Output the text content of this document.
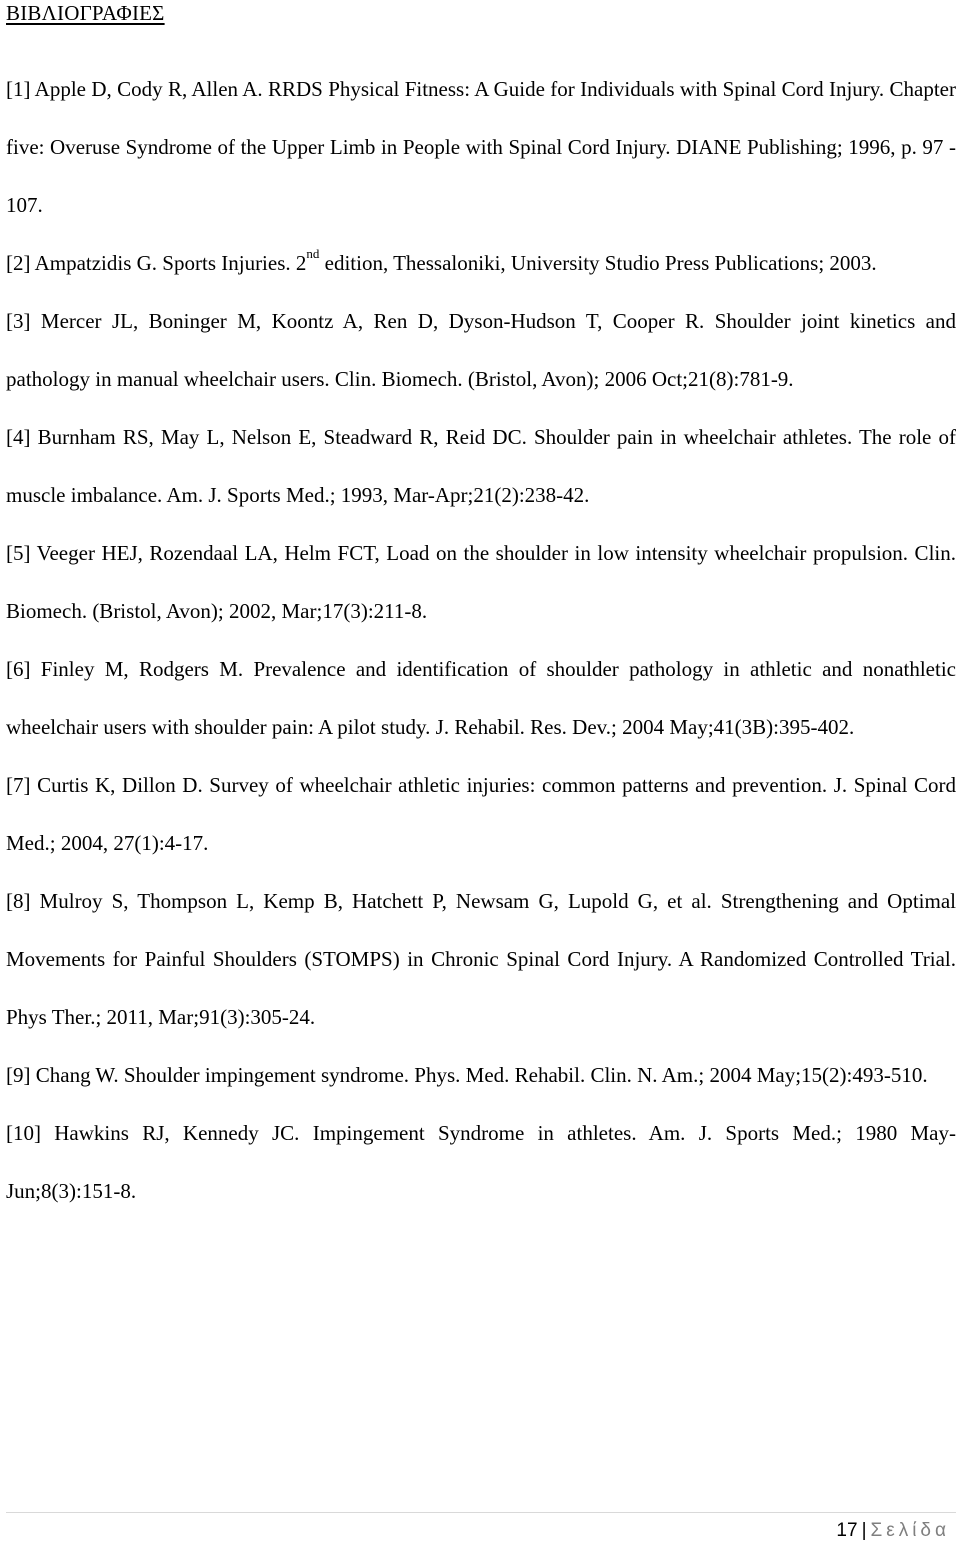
ΒΙΒΛΙΟΓΡΑΦΙΕΣ

[1] Apple D, Cody R, Allen A. RRDS Physical Fitness: A Guide for Individuals with Spinal Cord Injury. Chapter five: Overuse Syndrome of the Upper Limb in People with Spinal Cord Injury. DIANE Publishing; 1996, p. 97 - 107.

[2] Ampatzidis G. Sports Injuries. 2nd edition, Thessaloniki, University Studio Press Publications; 2003.

[3] Mercer JL, Boninger M, Koontz A, Ren D, Dyson-Hudson T, Cooper R. Shoulder joint kinetics and pathology in manual wheelchair users. Clin. Biomech. (Bristol, Avon); 2006 Oct;21(8):781-9.

[4] Burnham RS, May L, Nelson E, Steadward R, Reid DC. Shoulder pain in wheelchair athletes. The role of muscle imbalance. Am. J. Sports Med.; 1993, Mar-Apr;21(2):238-42.

[5] Veeger HEJ, Rozendaal LA, Helm FCT, Load on the shoulder in low intensity wheelchair propulsion. Clin. Biomech. (Bristol, Avon); 2002, Mar;17(3):211-8.

[6] Finley M, Rodgers M. Prevalence and identification of shoulder pathology in athletic and nonathletic wheelchair users with shoulder pain: A pilot study. J. Rehabil. Res. Dev.; 2004 May;41(3B):395-402.

[7] Curtis K, Dillon D. Survey of wheelchair athletic injuries: common patterns and prevention. J. Spinal Cord Med.; 2004, 27(1):4-17.

[8] Mulroy S, Thompson L, Kemp B, Hatchett P, Newsam G, Lupold G, et al. Strengthening and Optimal Movements for Painful Shoulders (STOMPS) in Chronic Spinal Cord Injury. A Randomized Controlled Trial. Phys Ther.; 2011, Mar;91(3):305-24.

[9] Chang W. Shoulder impingement syndrome. Phys. Med. Rehabil. Clin. N. Am.; 2004 May;15(2):493-510.

[10] Hawkins RJ, Kennedy JC. Impingement Syndrome in athletes. Am. J. Sports Med.; 1980 May-Jun;8(3):151-8.

17 | Σελίδα
